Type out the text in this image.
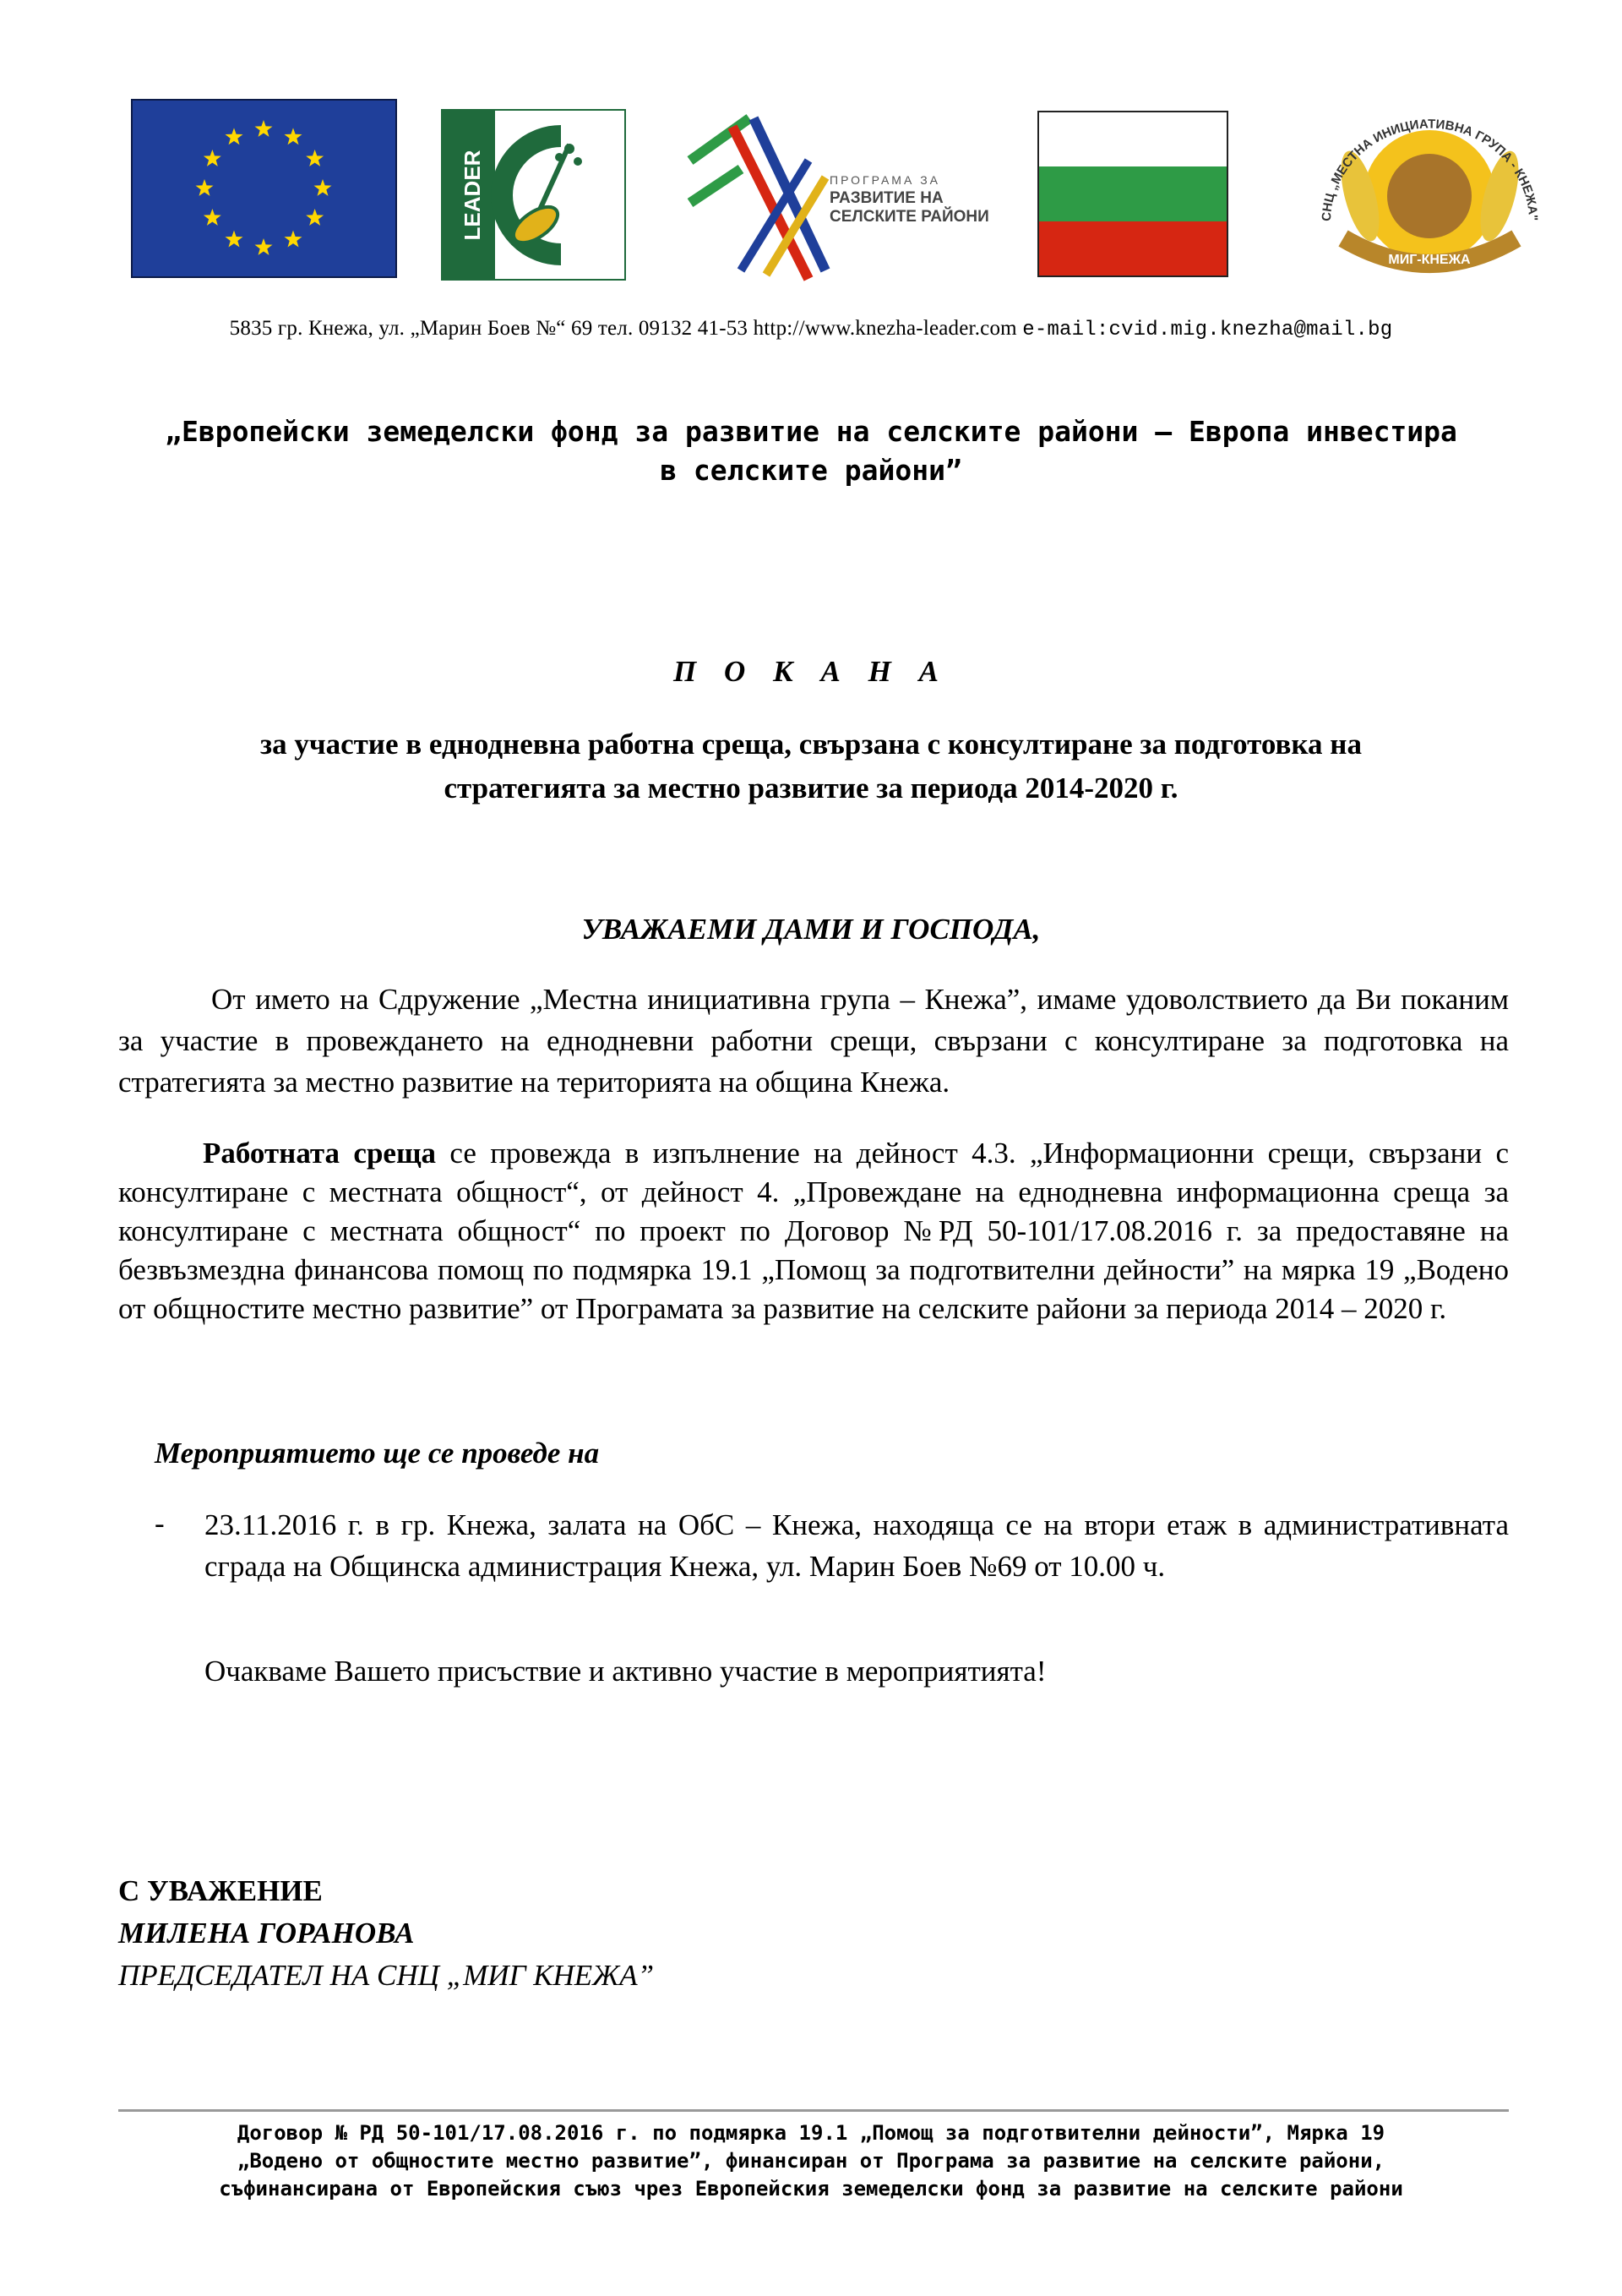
LEADER	ПРОГРАМА ЗА
РАЗВИТИЕ НА
СЕЛСКИТЕ РАЙОНИ	СНЦ „МЕСТНА ИНИЦИАТИВНА ГРУПА - КНЕЖА"
МИГ-КНЕЖА
5835 гр. Кнежа, ул. „Марин Боев №“ 69 тел. 09132 41-53 http://www.knezha-leader.com e-mail:cvid.mig.knezha@mail.bg
„Европейски земеделски фонд за развитие на селските райони – Европа инвестира
в селските райони”
П О К А Н А
за участие в еднодневна работна среща, свързана с консултиране за подготовка на
стратегията за местно развитие за периода 2014-2020 г.
УВАЖАЕМИ ДАМИ И ГОСПОДА,
От името на Сдружение „Местна инициативна група – Кнежа”, имаме удоволствието да Ви поканим за участие в провеждането на еднодневни работни срещи, свързани с консултиране за подготовка на стратегията за местно развитие на територията на община Кнежа.
Работната среща се провежда в изпълнение на дейност 4.3. „Информационни срещи, свързани с консултиране с местната общност“, от дейност 4. „Провеждане на еднодневна информационна среща за консултиране с местната общност“ по проект по Договор №РД 50-101/17.08.2016 г. за предоставяне на безвъзмездна финансова помощ по подмярка 19.1 „Помощ за подготвителни дейности” на мярка 19 „Водено от общностите местно развитие” от Програмата за развитие на селските райони за периода 2014 – 2020 г.
Мероприятието ще се проведе на
- 23.11.2016 г. в гр. Кнежа, залата на ОбС – Кнежа, находяща се на втори етаж в административната сграда на Общинска администрация Кнежа, ул. Марин Боев №69 от 10.00 ч.
Очакваме Вашето присъствие и активно участие в мероприятията!
С УВАЖЕНИЕ
МИЛЕНА ГОРАНОВА
ПРЕДСЕДАТЕЛ НА СНЦ „МИГ КНЕЖА”
Договор № РД 50-101/17.08.2016 г. по подмярка 19.1 „Помощ за подготвителни дейности”, Мярка 19
„Водено от общностите местно развитие”, финансиран от Програма за развитие на селските райони,
съфинансирана от Европейския съюз чрез Европейския земеделски фонд за развитие на селските райони
